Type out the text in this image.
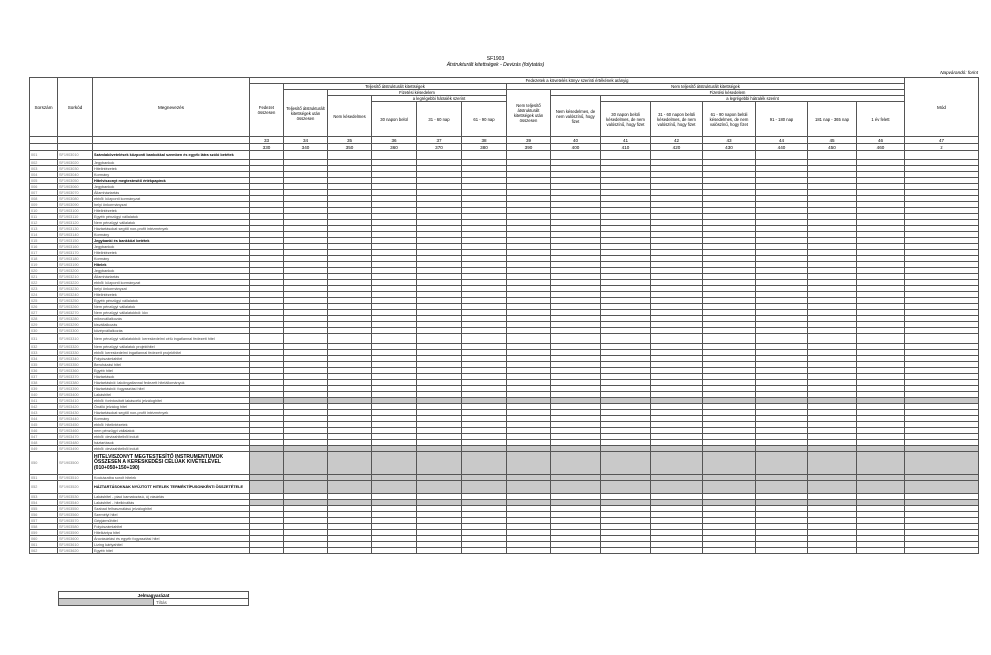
SF1903
Átstrukturált kitettségek - Devizás (folytatás)
Napvárandó: forint
Sorszám	Sorkód	Megnevezés	Fedezetek a követelés könyv szerinti értékének arányig														Mód
			Fedezet összesen	Teljesítő átstrukturált kitettségek					Nem teljesítő átstrukturált kitettségek								
				Teljesítő átstrukturált kitettségek után összesen	Fizetési késedelem				Nem teljesítő átstrukturált kitettségek után összesen	Fizetési késedelem							
					Nem késedelmes	a legrégebbi hátralék szerint				Nem késedelmes, de nem valószínű, hogy fizet	a legrégebbi hátralék szerint						
						30 napon belül	31 - 60 nap	61 - 90 nap			30 napon belüli késedelmes, de nem valószínű, hogy fizet	31 - 60 napon belüli késedelmes, de nem valószínű, hogy fizet	61 - 90 napon belüli késedelmes, de nem valószínű, hogy fizet	91 - 180 nap	181 nap - 365 nap	1 év felett	
			33	34	35	36	37	38	39	40	41	42	43	44	45	46	47
			330	340	350	360	370	380	390	400	410	420	430	440	450	460	z
001	SF1903010	Számlakövetelések központi bankokkal szemben és egyéb látra szóló betétek															
002	SF1903020	Jegybankok															
003	SF1903030	Hitelintézetek															
004	SF1903040	Kormány															
005	SF1903050	Hitelviszonyt megtestesítő értékpapírok															
006	SF1903060	Jegybankok															
007	SF1903070	Államháztartás															
008	SF1903080	ebből: központi kormányzat															
009	SF1903090	helyi önkormányzat															
010	SF1903100	Hitelintézetek															
011	SF1903110	Egyéb pénzügyi vállalatok															
012	SF1903120	Nem pénzügyi vállalatok															
013	SF1903130	Háztartásokat segítő non-profit intézmények															
014	SF1903140	Kormány															
015	SF1903150	Jegybanki és bankközi betétek															
016	SF1903160	Jegybankok															
017	SF1903170	Hitelintézetek															
018	SF1903180	Kormány															
019	SF1903190	Hitelek															
020	SF1903200	Jegybankok															
021	SF1903210	Államháztartás															
022	SF1903220	ebből: központi kormányzat															
023	SF1903230	helyi önkormányzat															
024	SF1903240	Hitelintézetek															
025	SF1903250	Egyéb pénzügyi vállalatok															
026	SF1903260	Nem pénzügyi vállalatok															
027	SF1903270	Nem pénzügyi vállalatokból: kkv															
028	SF1903280	mikrovállalkozás															
029	SF1903290	kisvállalkozás															
030	SF1903300	középvállalkozás															
031	SF1903310	Nem pénzügyi vállalatokból: kereskedelmi célú ingatlannal fedezett hitel															
032	SF1903320	Nem pénzügyi vállalatok projekthitel															
033	SF1903330	ebből: kereskedelmi ingatlannal fedezett projekthitel															
034	SF1903340	Folyószámlahitel															
035	SF1903350	Beruházási hitel															
036	SF1903360	Egyéb hitel															
037	SF1903370	Háztartások															
038	SF1903380	Háztartásból: lakóingatlannal fedezett hitelállományok															
039	SF1903390	Háztartásból: fogyasztási hitel															
040	SF1903400	Lakáshitel															
041	SF1903410	ebből: forintosított lakáscélú jelzáloghitel															
042	SF1903420	Önálló jelzálog hitel															
043	SF1903430	Háztartásokat segítő non-profit intézmények															
044	SF1903440	Kormány															
045	SF1903450	ebből: hitelintézetek															
046	SF1903460	nem pénzügyi vállalatok															
047	SF1903470	ebből: devizahitelből indult															
048	SF1903480	háztartások															
049	SF1903490	ebből: devizahitelből indult															
050	SF1903500	HITELVISZONYT MEGTESTESÍTŐ INSTRUMENTUMOK ÖSSZESEN A KERESKEDÉSI CÉLÚAK KIVÉTELÉVEL (010+050+150+190)															
051	SF1903510	Kockázatba sorolt hitelek															
052	SF1903520	HÁZTARTÁSOKNAK NYÚJTOTT HITELEK TERMÉKTÍPUSONKÉNTI ÖSSZETÉTELE															
053	SF1903530	Lakáshitel - piaci kamatozású, új vásárlás															
054	SF1903540	Lakáshitel - hitelkiváltás															
055	SF1903550	Szabad felhasználású jelzáloghitel															
056	SF1903560	Személyi hitel															
057	SF1903570	Gépjárműhitel															
058	SF1903580	Folyószámlahitel															
059	SF1903590	Hitelkártya hitel															
060	SF1903600	Áruvásárlási és egyéb fogyasztási hitel															
061	SF1903610	Lízing kártyahitel															
062	SF1903620	Egyéb hitel															
Jelmagyarázat
	Tiltás
